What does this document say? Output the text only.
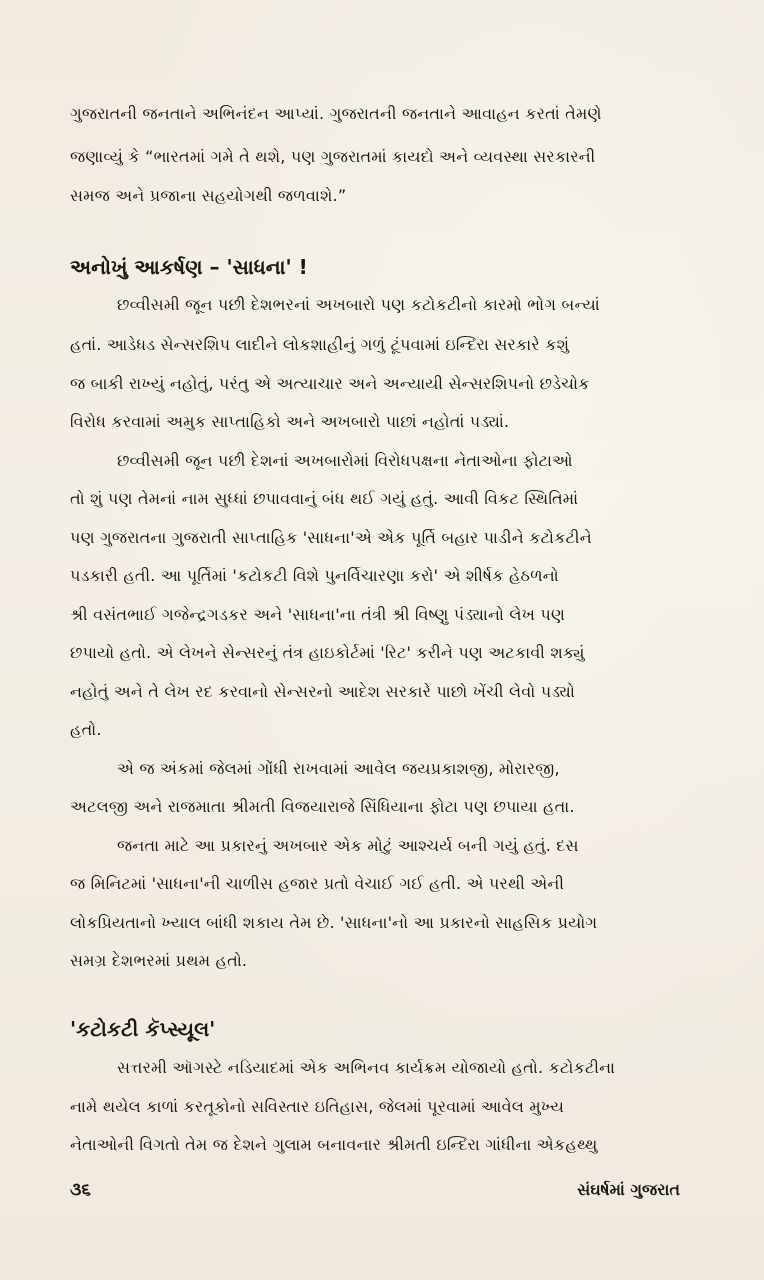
ગુજરાતની જનતાને અભિનંદન આપ્યાં. ગુજરાતની જનતાને આવાહન કરતાં તેમણે
જણાવ્યું કે “ભારતમાં ગમે તે થશે, પણ ગુજરાતમાં કાયદો અને વ્યવસ્થા સરકારની
સમજ અને પ્રજાના સહયોગથી જળવાશે.”
અનોખું આકર્ષણ – 'સાધના' !
છવ્વીસમી જૂન પછી દેશભરનાં અખબારો પણ કટોકટીનો કારમો ભોગ બન્યાં
હતાં. આડેધડ સેન્સરશિપ લાદીને લોકશાહીનું ગળું ટૂંપવામાં ઇન્દિરા સરકારે કશું
જ બાકી રાખ્યું નહોતું, પરંતુ એ અત્યાચાર અને અન્યાયી સેન્સરશિપનો છડેચોક
વિરોધ કરવામાં અમુક સાપ્તાહિકો અને અખબારો પાછાં નહોતાં પડ્યાં.
છવ્વીસમી જૂન પછી દેશનાં અખબારોમાં વિરોધપક્ષના નેતાઓના ફોટાઓ
તો શું પણ તેમનાં નામ સુધ્ધાં છપાવવાનું બંધ થઈ ગયું હતું. આવી વિકટ સ્થિતિમાં
પણ ગુજરાતના ગુજરાતી સાપ્તાહિક 'સાધના'એ એક પૂર્તિ બહાર પાડીને કટોકટીને
પડકારી હતી. આ પૂર્તિમાં 'કટોકટી વિશે પુનર્વિચારણા કરો' એ શીર્ષક હેઠળનો
શ્રી વસંતભાઈ ગજેન્દ્રગડકર અને 'સાધના'ના તંત્રી શ્રી વિષ્ણુ પંડ્યાનો લેખ પણ
છપાયો હતો. એ લેખને સેન્સરનું તંત્ર હાઇકોર્ટમાં 'રિટ' કરીને પણ અટકાવી શક્યું
નહોતું અને તે લેખ રદ કરવાનો સેન્સરનો આદેશ સરકારે પાછો ખેંચી લેવો પડ્યો
હતો.
એ જ અંકમાં જેલમાં ગોંધી રાખવામાં આવેલ જયપ્રકાશજી, મોરારજી,
અટલજી અને રાજમાતા શ્રીમતી વિજયારાજે સિંધિયાના ફોટા પણ છપાયા હતા.
જનતા માટે આ પ્રકારનું અખબાર એક મોટું આશ્ચર્ય બની ગયું હતું. દસ
જ મિનિટમાં 'સાધના'ની ચાળીસ હજાર પ્રતો વેચાઈ ગઈ હતી. એ પરથી એની
લોકપ્રિયતાનો ખ્યાલ બાંધી શકાય તેમ છે. 'સાધના'નો આ પ્રકારનો સાહસિક પ્રયોગ
સમગ્ર દેશભરમાં પ્રથમ હતો.
'કટોકટી કૅપ્સ્યૂલ'
સત્તરમી ઑગસ્ટે નડિયાદમાં એક અભિનવ કાર્યક્રમ યોજાયો હતો. કટોકટીના
નામે થયેલ કાળાં કરતૂકોનો સવિસ્તાર ઇતિહાસ, જેલમાં પૂરવામાં આવેલ મુખ્ય
નેતાઓની વિગતો તેમ જ દેશને ગુલામ બનાવનાર શ્રીમતી ઇન્દિરા ગાંધીના એકહથ્થુ
૩૬	સંઘર્ષમાં ગુજરાત
